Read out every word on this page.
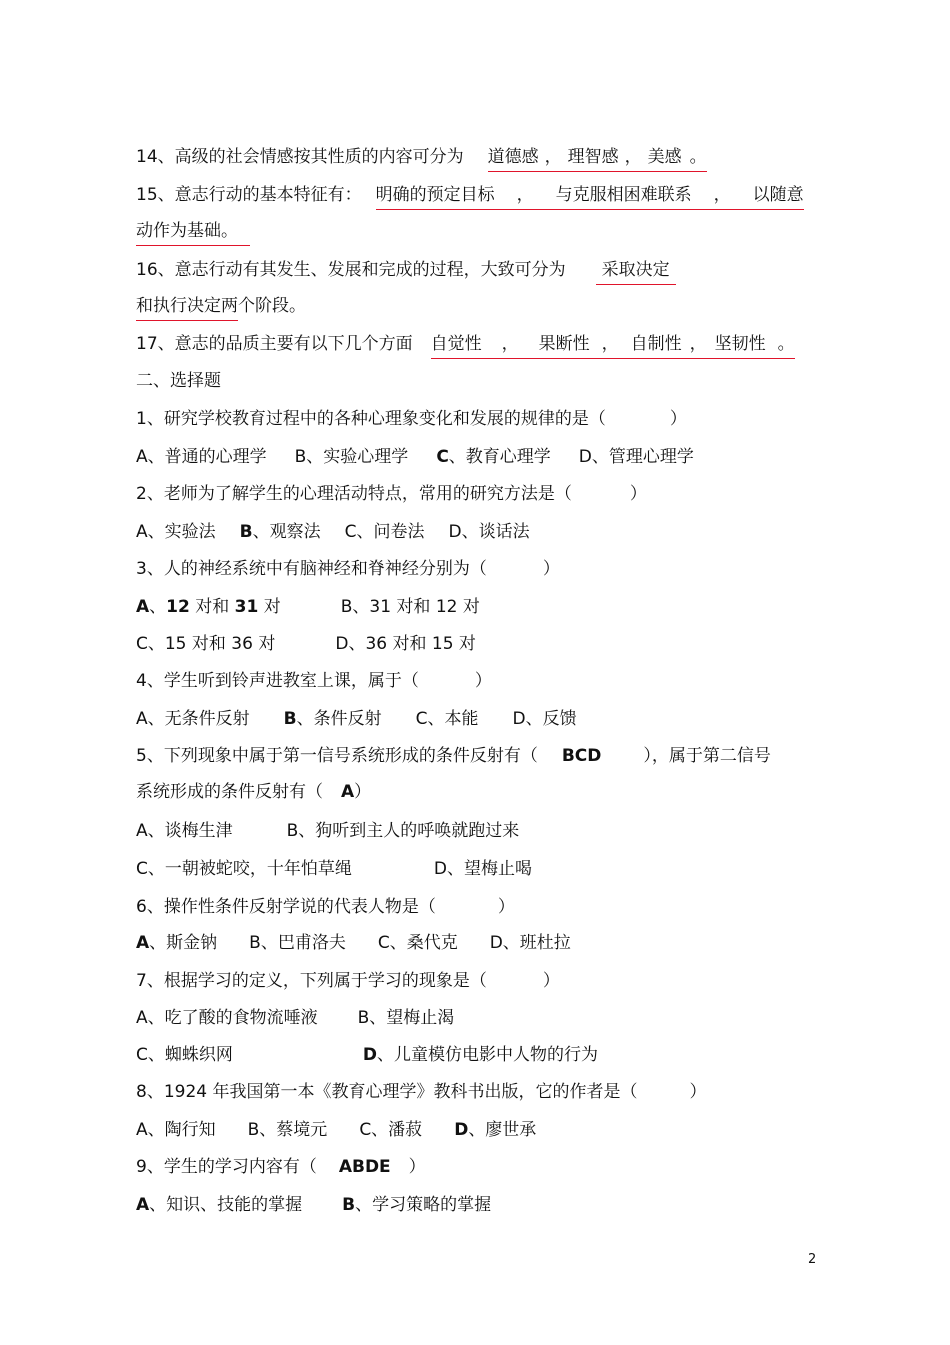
14、高级的社会情感按其性质的内容可分为 道德感 ， 理智感 ， 美感 。
15、意志行动的基本特征有： 明确的预定目标 ， 与克服相困难联系 ， 以随意
动作为基础。
16、意志行动有其发生、发展和完成的过程，大致可分为 采取决定
和执行决定两个阶段。
17、意志的品质主要有以下几个方面 自觉性 ， 果断性 ， 自制性 ， 坚韧性 。
二、选择题
1、研究学校教育过程中的各种心理象变化和发展的规律的是（	）
A、普通的心理学 B、实验心理学 C、教育心理学 D、管理心理学
2、老师为了解学生的心理活动特点，常用的研究方法是（	）
A、实验法 B、观察法 C、问卷法 D、谈话法
3、人的神经系统中有脑神经和脊神经分别为（	）
A、12 对和 31 对	B、31 对和 12 对
C、15 对和 36 对	D、36 对和 15 对
4、学生听到铃声进教室上课，属于（	）
A、无条件反射 B、条件反射 C、本能 D、反馈
5、下列现象中属于第一信号系统形成的条件反射有（ BCD ），属于第二信号
系统形成的条件反射有（ A）
A、谈梅生津	B、狗听到主人的呼唤就跑过来
C、一朝被蛇咬，十年怕草绳	D、望梅止喝
6、操作性条件反射学说的代表人物是（	）
A、斯金钠 B、巴甫洛夫 C、桑代克 D、班杜拉
7、根据学习的定义，下列属于学习的现象是（	）
A、吃了酸的食物流唾液 B、望梅止渴
C、蜘蛛织网	D、儿童模仿电影中人物的行为
8、1924 年我国第一本《教育心理学》教科书出版，它的作者是（	）
A、陶行知 B、蔡境元 C、潘菽 D、廖世承
9、学生的学习内容有（ ABDE ）
A、知识、技能的掌握 B、学习策略的掌握
2
